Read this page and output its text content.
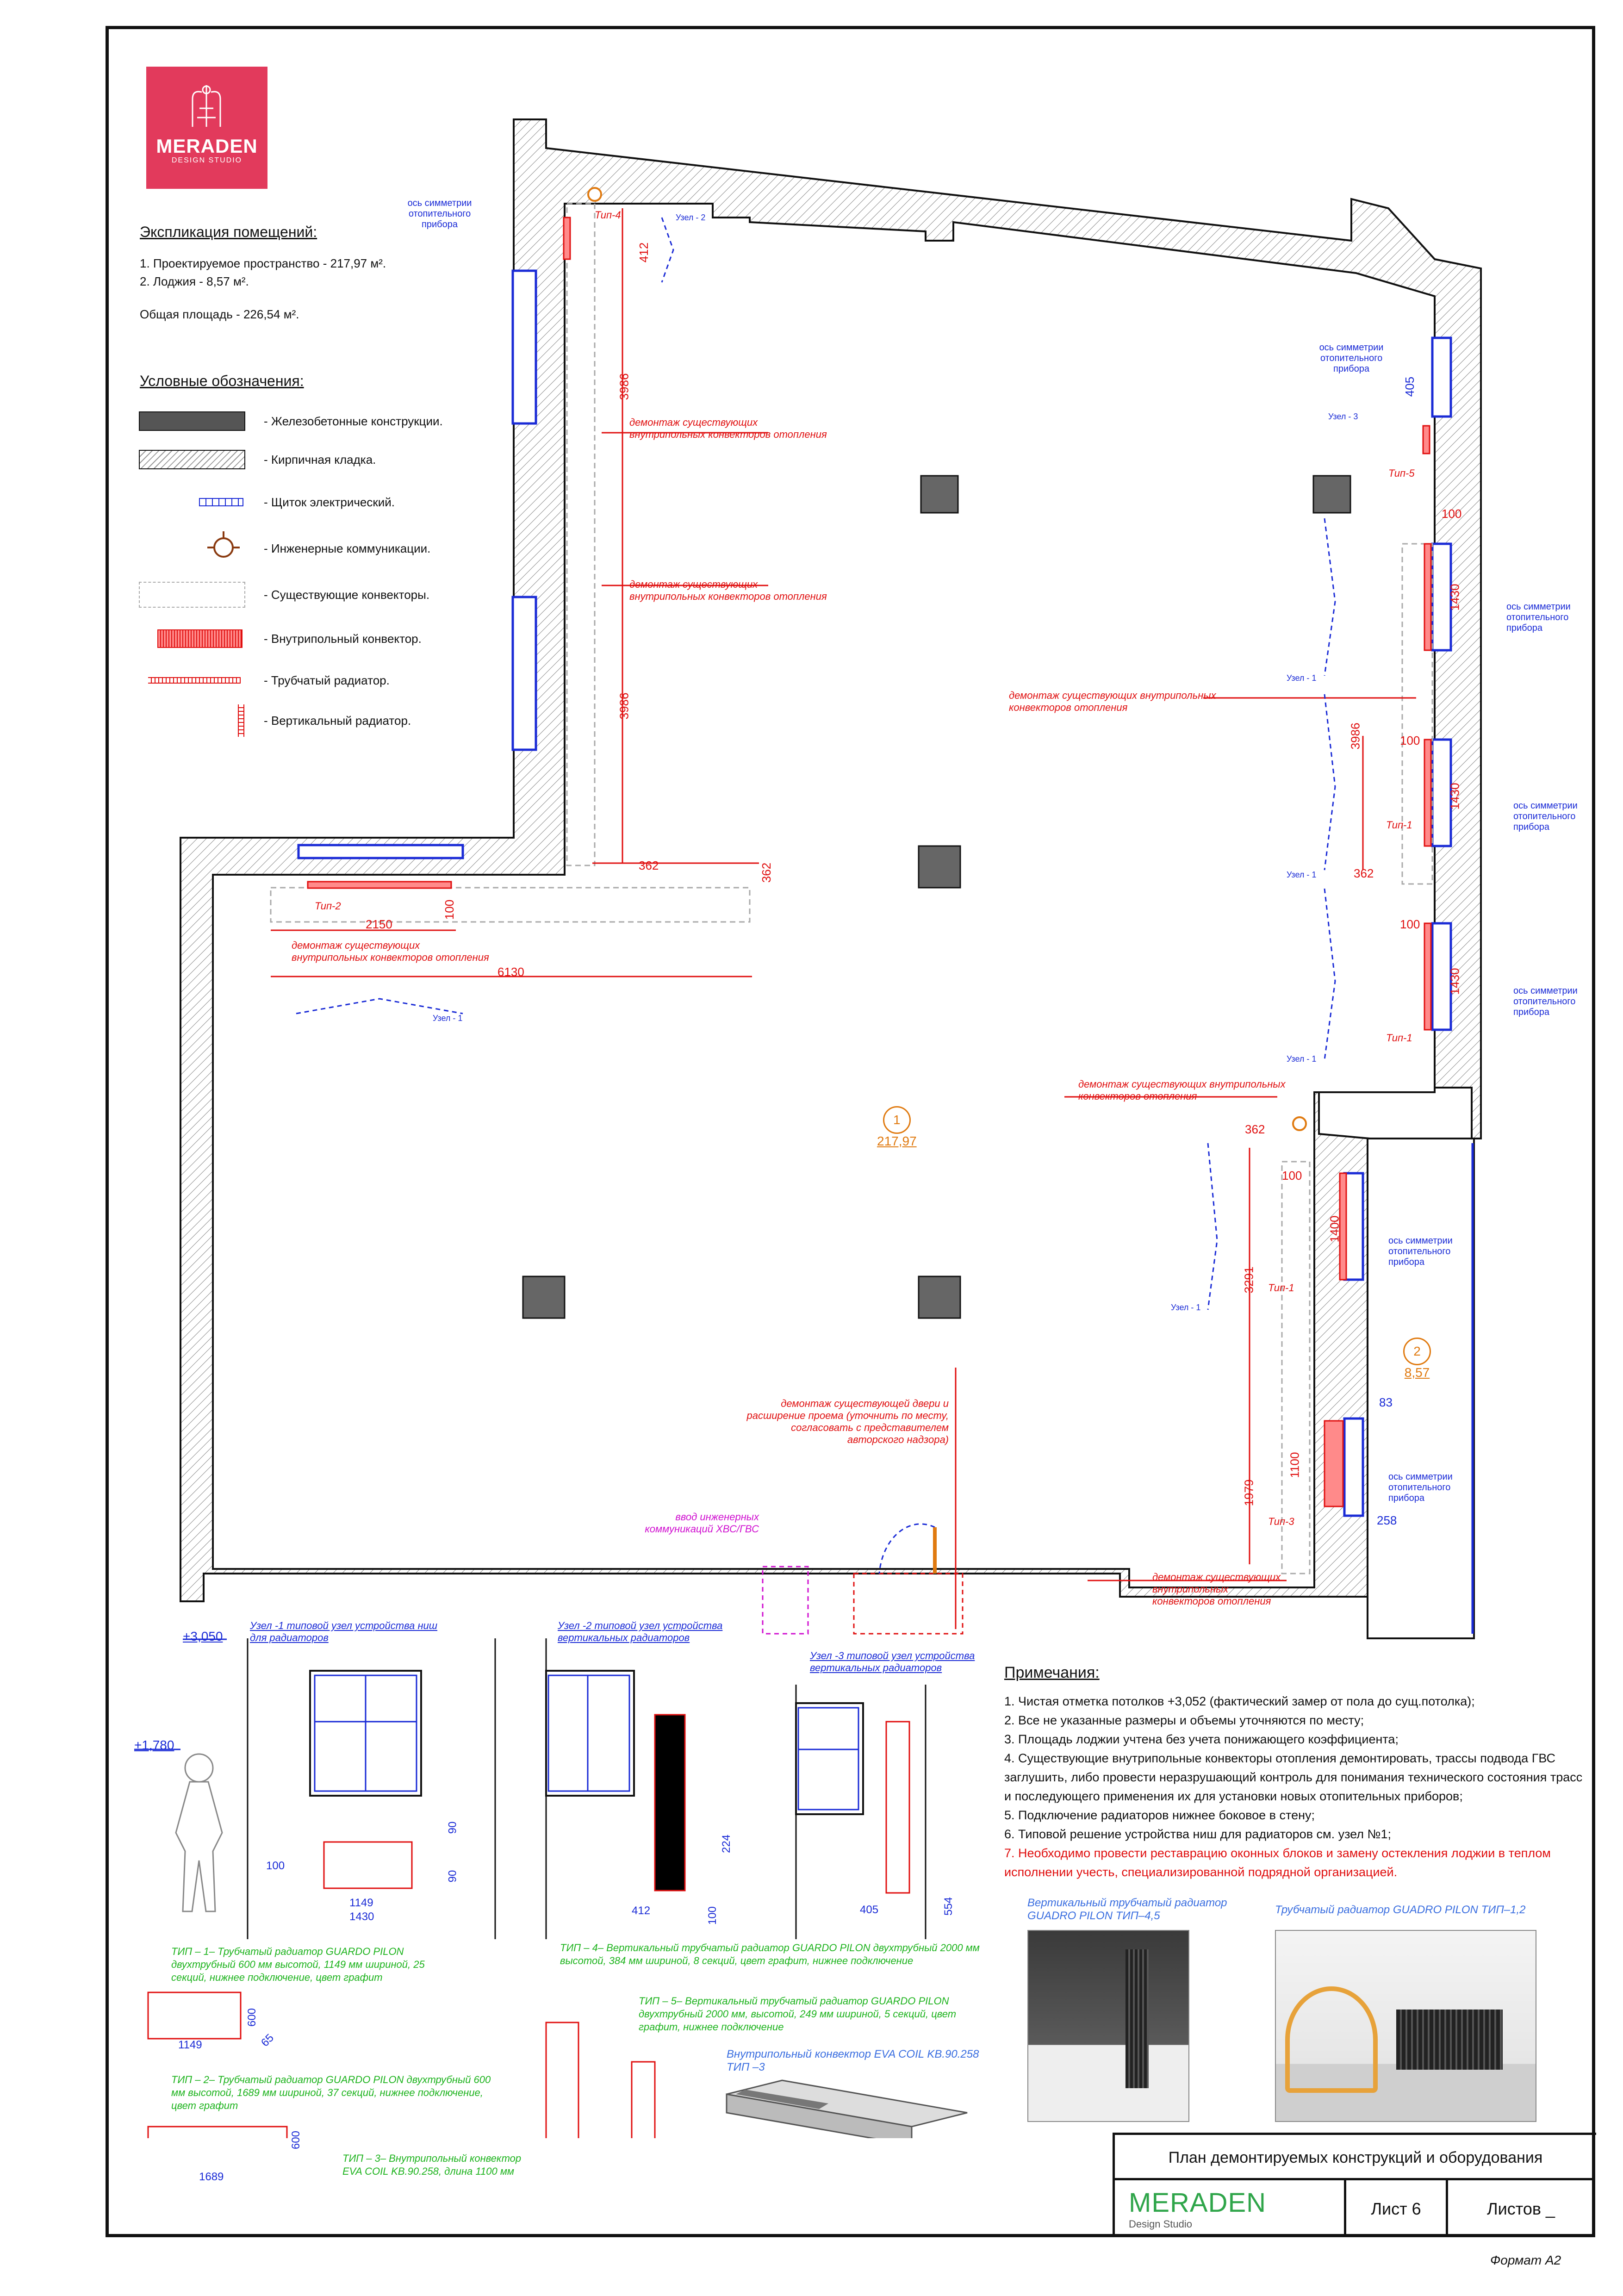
MERADEN
DESIGN STUDIO
Экспликация помещений:
1. Проектируемое пространство - 217,97 м².
2. Лоджия - 8,57 м².
Общая площадь - 226,54 м².
Условные обозначения:
- Железобетонные конструкции.
- Кирпичная кладка.
- Щиток электрический.
- Инженерные коммуникации.
- Существующие конвекторы.
- Внутрипольный конвектор.
- Трубчатый радиатор.
- Вертикальный радиатор.
1
217,97
2
8,57
демонтаж существующих внутрипольных конвекторов отопления
демонтаж существующих внутрипольных конвекторов отопления
демонтаж существующих внутрипольных конвекторов отопления
демонтаж существующих внутрипольных конвекторов отопления
демонтаж существующих внутрипольных конвекторов отопления
демонтаж существующих внутрипольных конвекторов отопления
демонтаж существующей двери и расширение проема (уточнить по месту, согласовать с представителем авторского надзора)
ввод инженерных коммуникаций ХВС/ГВС
ось симметрии отопительного прибора
ось симметрии отопительного прибора
ось симметрии отопительного прибора
ось симметрии отопительного прибора
ось симметрии отопительного прибора
ось симметрии отопительного прибора
ось симметрии отопительного прибора
Узел - 2
Узел - 3
Узел - 1
Узел - 1
Узел - 1
Узел - 1
Узел - 1
Тип-4
Тип-5
Тип-2
Тип-1
Тип-1
Тип-1
Тип-3
412
3986
3986
362	362
2150
100
6130
405
100
1430
100
1430
100
1430
3986
362
362
100
1400
3291
83
1100
258
1979
+3,050
+1,780
Узел -1 типовой узел устройства ниш для радиаторов
Узел -2 типовой узел устройства вертикальных радиаторов
Узел -3 типовой узел устройства вертикальных радиаторов
90
90
100
1149
1430
224
412	100	405	554
ТИП – 1– Трубчатый радиатор GUARDO PILON двухтрубный 600 мм высотой, 1149 мм шириной, 25 секций, нижнее подключение, цвет графит
1149
600
65
ТИП – 2– Трубчатый радиатор GUARDO PILON двухтрубный 600 мм высотой, 1689 мм шириной, 37 секций, нижнее подключение, цвет графит
1689
600
ТИП – 3– Внутрипольный конвектор EVA COIL KB.90.258, длина 1100 мм
ТИП – 4– Вертикальный трубчатый радиатор GUARDO PILON двухтрубный 2000 мм высотой, 384 мм шириной, 8 секций, цвет графит, нижнее подключение
ТИП – 5– Вертикальный трубчатый радиатор GUARDO PILON двухтрубный 2000 мм, высотой, 249 мм шириной, 5 секций, цвет графит, нижнее подключение
Внутрипольный конвектор EVA COIL KB.90.258 ТИП –3
Примечания:
1. Чистая отметка потолков +3,052 (фактический замер от пола до сущ.потолка);
2. Все не указанные размеры и объемы уточняются по месту;
3. Площадь лоджии учтена без учета понижающего коэффициента;
4. Существующие внутрипольные конвекторы отопления демонтировать, трассы подвода ГВС заглушить, либо провести неразрушающий контроль для понимания технического состояния трасс и последующего применения их для установки новых отопительных приборов;
5. Подключение радиаторов нижнее боковое в стену;
6. Типовой решение устройства ниш для радиаторов см. узел №1;
7. Необходимо провести реставрацию оконных блоков и замену остекления лоджии в теплом исполнении учесть, специализированной подрядной организацией.
Вертикальный трубчатый радиатор GUADRO PILON ТИП–4,5	Трубчатый радиатор GUADRO PILON ТИП–1,2
План демонтируемых конструкций и оборудования
MERADEN
Design Studio
Лист 6	Листов _
Формат А2
